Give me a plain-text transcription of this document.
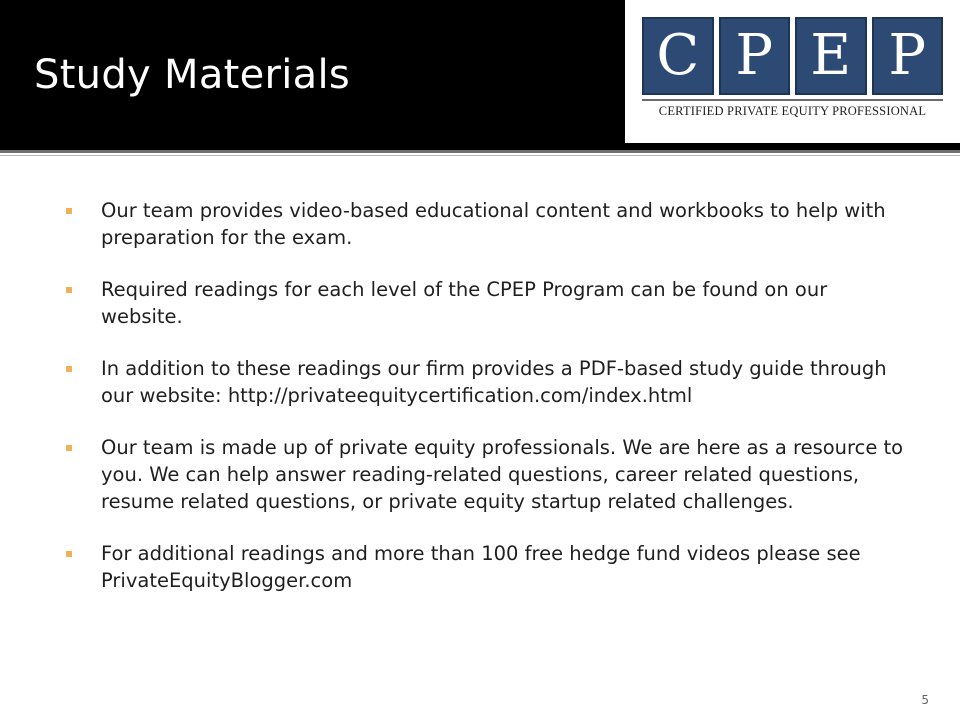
Study Materials	C P E P
CERTIFIED PRIVATE EQUITY PROFESSIONAL
Our team provides video-based educational content and workbooks to help with preparation for the exam.
Required readings for each level of the CPEP Program can be found on our website.
In addition to these readings our firm provides a PDF-based study guide through our website: http://privateequitycertification.com/index.html
Our team is made up of private equity professionals. We are here as a resource to you. We can help answer reading-related questions, career related questions, resume related questions, or private equity startup related challenges.
For additional readings and more than 100 free hedge fund videos please see PrivateEquityBlogger.com
5
